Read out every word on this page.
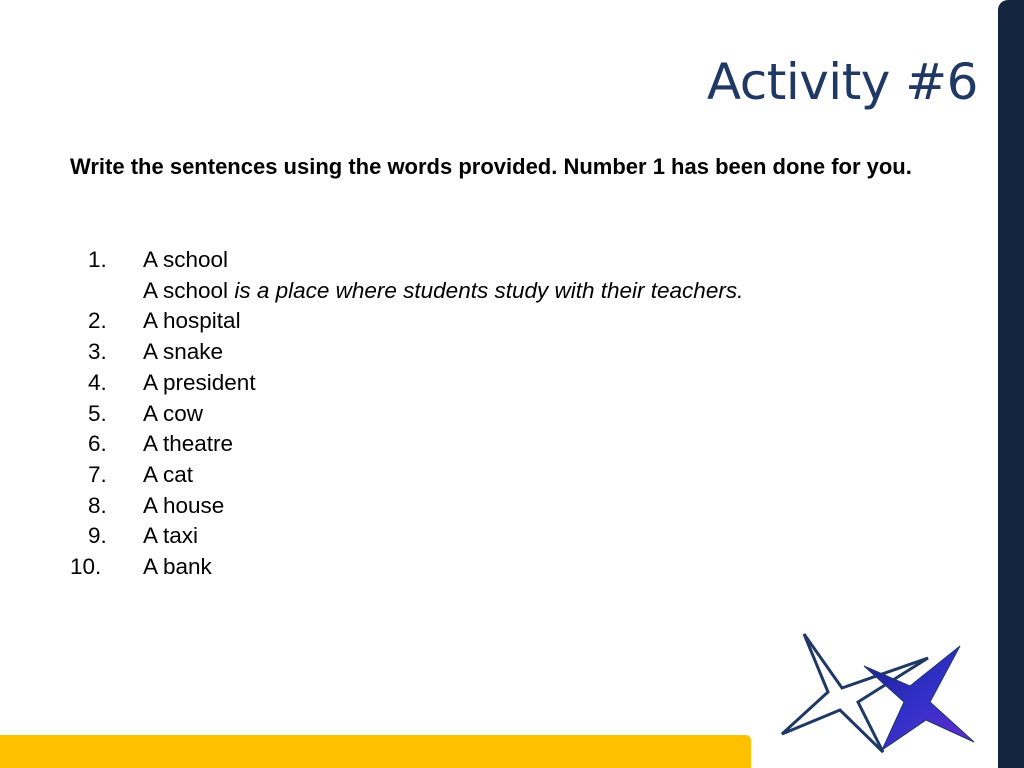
Activity #6

Write the sentences using the words provided. Number 1 has been done for you.

1.	A school
A school is a place where students study with their teachers.
2.	A hospital
3.	A snake
4.	A president
5.	A cow
6.	A theatre
7.	A cat
8.	A house
9.	A taxi
10.	A bank
